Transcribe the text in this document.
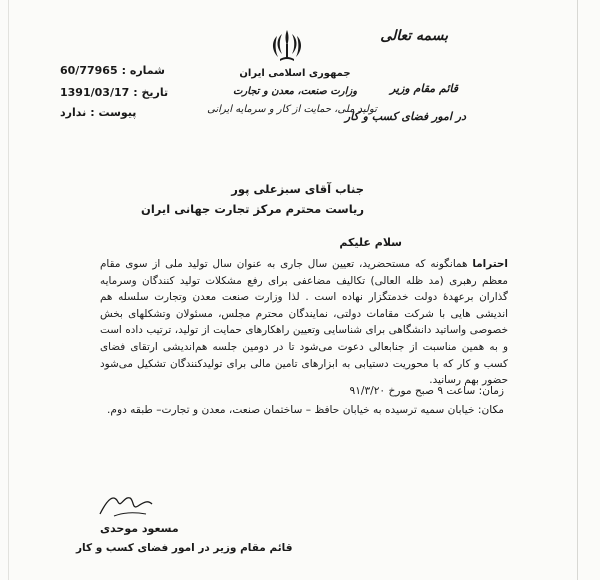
بسمه تعالی
قائم مقام وزیر
در امور فضای کسب و کار
جمهوری اسلامی ایران
وزارت صنعت، معدن و تجارت
تولید ملی، حمایت از کار و سرمایه ایرانی
شماره :
60/77965
تاریخ :
1391/03/17
پیوست :
ندارد
جناب آقای سبزعلی پور
ریاست محترم مرکز تجارت جهانی ایران
سلام علیکم
احتراما همانگونه که مستحضرید، تعیین سال جاری به عنوان سال تولید ملی از سوی مقام معظم رهبری (مد ظله العالی) تکالیف مضاعفی برای رفع مشکلات تولید کنندگان وسرمایه گذاران برعهدهٔ دولت خدمتگزار نهاده است . لذا وزارت صنعت معدن وتجارت سلسله هم اندیشی هایی با شرکت مقامات دولتی، نمایندگان محترم مجلس، مسئولان وتشکلهای بخش خصوصی واساتید دانشگاهی برای شناسایی وتعیین راهکارهای حمایت از تولید، ترتیب داده است و به همین مناسبت از جنابعالی دعوت می‌شود تا در دومین جلسه هم‌اندیشی ارتقای فضای کسب و کار که با محوریت دستیابی به ابزارهای تامین مالی برای تولیدکنندگان تشکیل می‌شود حضور بهم رسانید.
زمان: ساعت ۹ صبح مورخ ۹۱/۳/۲۰
مکان: خیابان سمیه ترسیده به خیابان حافظ – ساختمان صنعت، معدن و تجارت– طبقه دوم.
مسعود موحدی
قائم مقام وزیر در امور فضای کسب و کار
